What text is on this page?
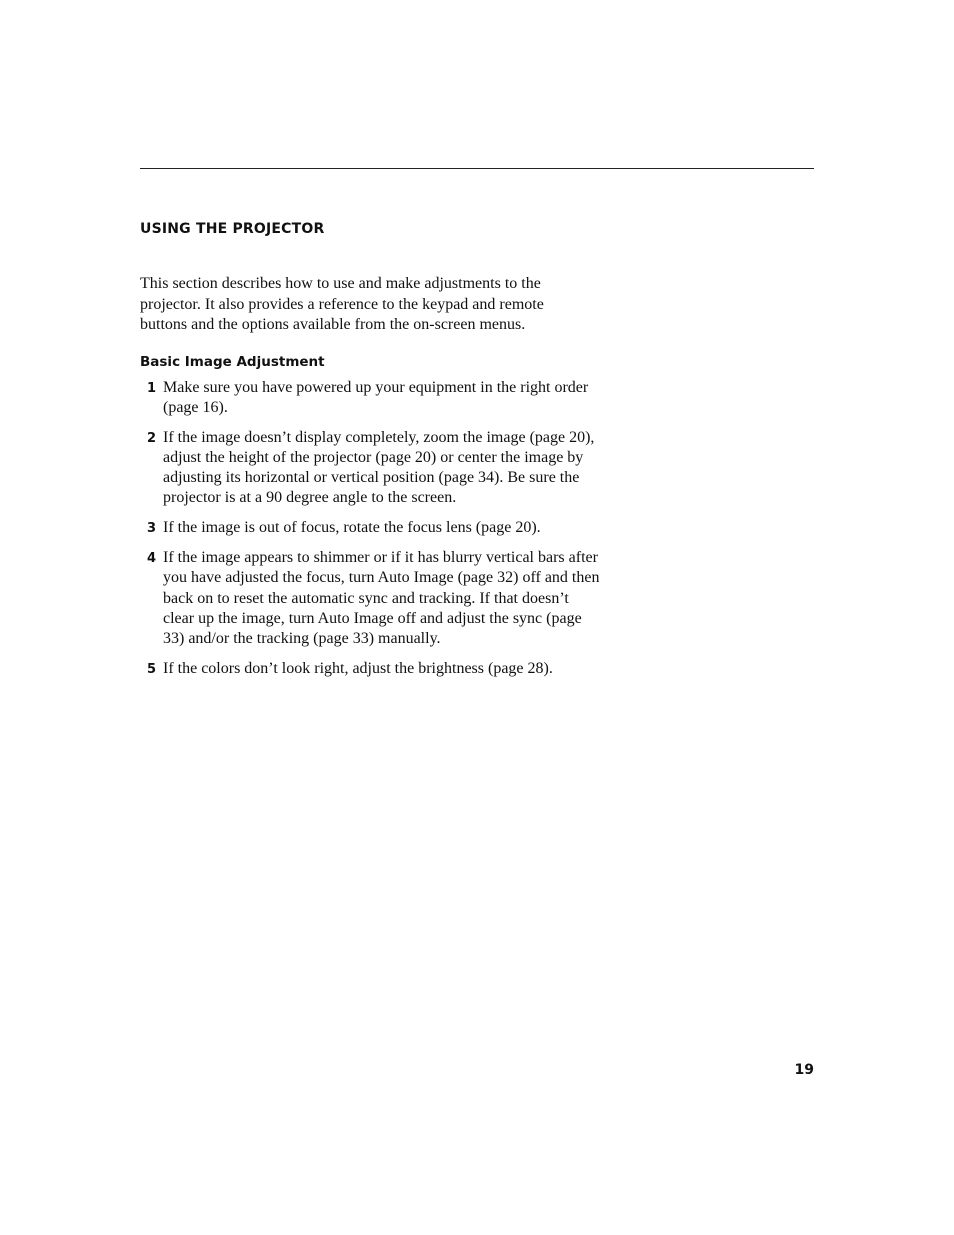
USING THE PROJECTOR

This section describes how to use and make adjustments to the projector. It also provides a reference to the keypad and remote buttons and the options available from the on-screen menus.

Basic Image Adjustment
1 Make sure you have powered up your equipment in the right order (page 16).
2 If the image doesn’t display completely, zoom the image (page 20), adjust the height of the projector (page 20) or center the image by adjusting its horizontal or vertical position (page 34). Be sure the projector is at a 90 degree angle to the screen.
3 If the image is out of focus, rotate the focus lens (page 20).
4 If the image appears to shimmer or if it has blurry vertical bars after you have adjusted the focus, turn Auto Image (page 32) off and then back on to reset the automatic sync and tracking. If that doesn’t clear up the image, turn Auto Image off and adjust the sync (page 33) and/or the tracking (page 33) manually.
5 If the colors don’t look right, adjust the brightness (page 28).
19
